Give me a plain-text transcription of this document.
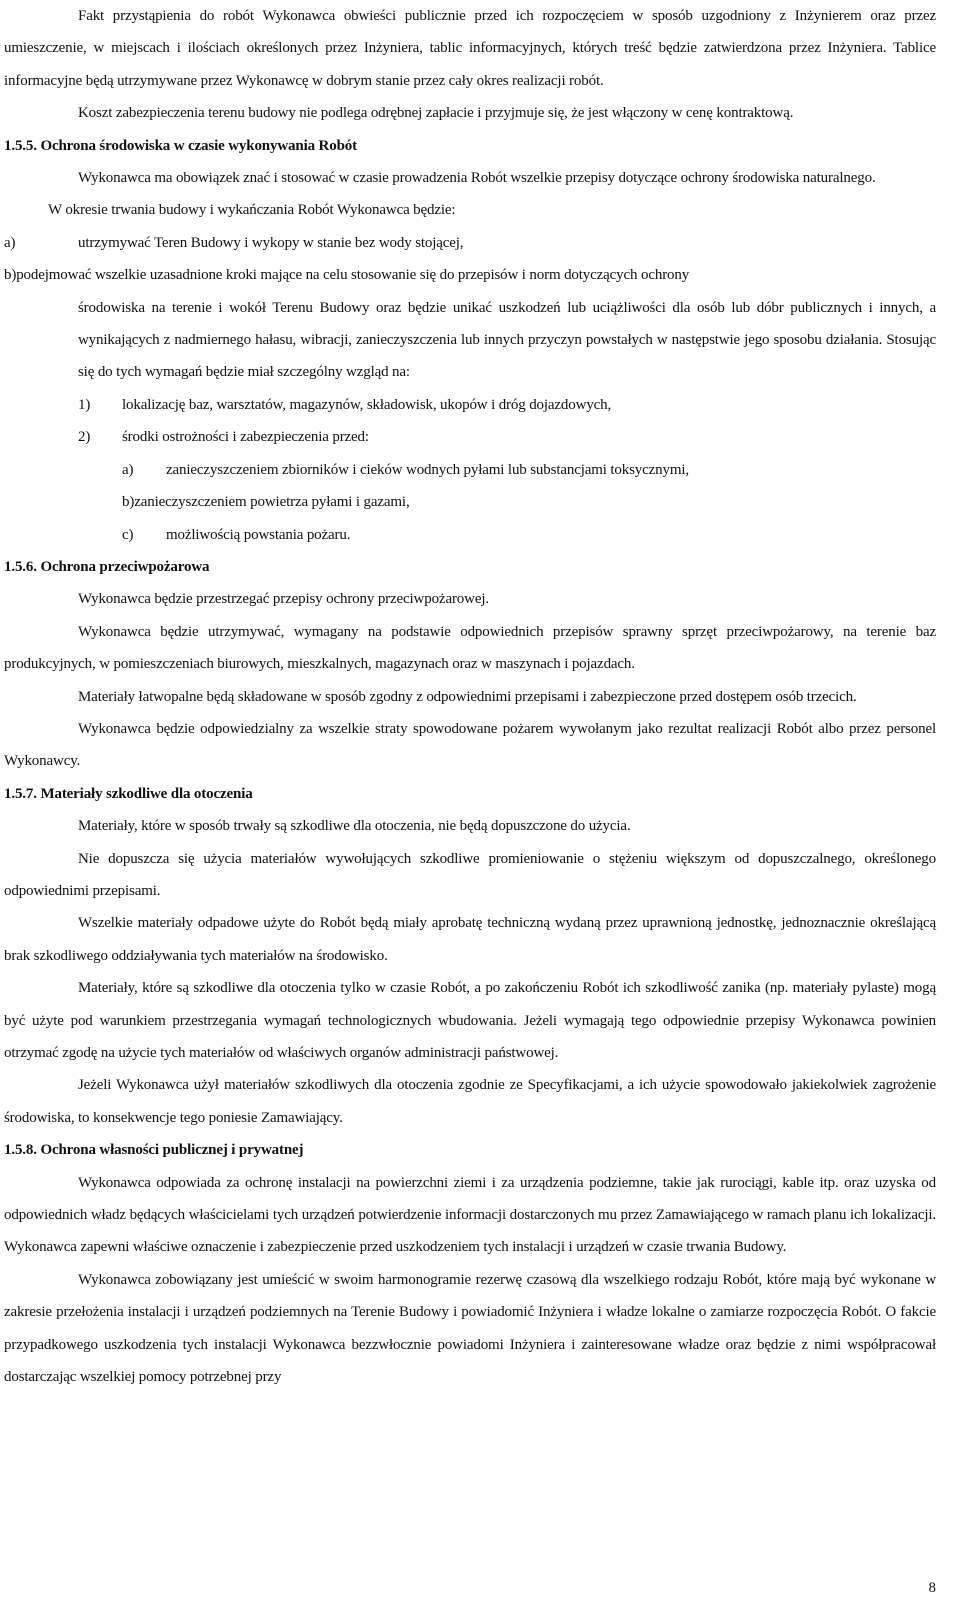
Fakt przystąpienia do robót Wykonawca obwieści publicznie przed ich rozpoczęciem w sposób uzgodniony z Inżynierem oraz przez umieszczenie, w miejscach i ilościach określonych przez Inżyniera, tablic informacyjnych, których treść będzie zatwierdzona przez Inżyniera. Tablice informacyjne będą utrzymywane przez Wykonawcę w dobrym stanie przez cały okres realizacji robót.

Koszt zabezpieczenia terenu budowy nie podlega odrębnej zapłacie i przyjmuje się, że jest włączony w cenę kontraktową.

1.5.5. Ochrona środowiska w czasie wykonywania Robót

Wykonawca ma obowiązek znać i stosować w czasie prowadzenia Robót wszelkie przepisy dotyczące ochrony środowiska naturalnego.

W okresie trwania budowy i wykańczania Robót Wykonawca będzie:

a)	utrzymywać Teren Budowy i wykopy w stanie bez wody stojącej,
b)podejmować wszelkie uzasadnione kroki mające na celu stosowanie się do przepisów i norm dotyczących ochrony
środowiska na terenie i wokół Terenu Budowy oraz będzie unikać uszkodzeń lub uciążliwości dla osób lub dóbr publicznych i innych, a wynikających z nadmiernego hałasu, wibracji, zanieczyszczenia lub innych przyczyn powstałych w następstwie jego sposobu działania. Stosując się do tych wymagań będzie miał szczególny wzgląd na:
1)	lokalizację baz, warsztatów, magazynów, składowisk, ukopów i dróg dojazdowych,
2)	środki ostrożności i zabezpieczenia przed:
a)	zanieczyszczeniem zbiorników i cieków wodnych pyłami lub substancjami toksycznymi,
b)zanieczyszczeniem powietrza pyłami i gazami,
c)	możliwością powstania pożaru.

1.5.6. Ochrona przeciwpożarowa

Wykonawca będzie przestrzegać przepisy ochrony przeciwpożarowej.

Wykonawca będzie utrzymywać, wymagany na podstawie odpowiednich przepisów sprawny sprzęt przeciwpożarowy, na terenie baz produkcyjnych, w pomieszczeniach biurowych, mieszkalnych, magazynach oraz w maszynach i pojazdach.

Materiały łatwopalne będą składowane w sposób zgodny z odpowiednimi przepisami i zabezpieczone przed dostępem osób trzecich.

Wykonawca będzie odpowiedzialny za wszelkie straty spowodowane pożarem wywołanym jako rezultat realizacji Robót albo przez personel Wykonawcy.

1.5.7. Materiały szkodliwe dla otoczenia

Materiały, które w sposób trwały są szkodliwe dla otoczenia, nie będą dopuszczone do użycia.

Nie dopuszcza się użycia materiałów wywołujących szkodliwe promieniowanie o stężeniu większym od dopuszczalnego, określonego odpowiednimi przepisami.

Wszelkie materiały odpadowe użyte do Robót będą miały aprobatę techniczną wydaną przez uprawnioną jednostkę, jednoznacznie określającą brak szkodliwego oddziaływania tych materiałów na środowisko.

Materiały, które są szkodliwe dla otoczenia tylko w czasie Robót, a po zakończeniu Robót ich szkodliwość zanika (np. materiały pylaste) mogą być użyte pod warunkiem przestrzegania wymagań technologicznych wbudowania. Jeżeli wymagają tego odpowiednie przepisy Wykonawca powinien otrzymać zgodę na użycie tych materiałów od właściwych organów administracji państwowej.

Jeżeli Wykonawca użył materiałów szkodliwych dla otoczenia zgodnie ze Specyfikacjami, a ich użycie spowodowało jakiekolwiek zagrożenie środowiska, to konsekwencje tego poniesie Zamawiający.

1.5.8. Ochrona własności publicznej i prywatnej

Wykonawca odpowiada za ochronę instalacji na powierzchni ziemi i za urządzenia podziemne, takie jak rurociągi, kable itp. oraz uzyska od odpowiednich władz będących właścicielami tych urządzeń potwierdzenie informacji dostarczonych mu przez Zamawiającego w ramach planu ich lokalizacji. Wykonawca zapewni właściwe oznaczenie i zabezpieczenie przed uszkodzeniem tych instalacji i urządzeń w czasie trwania Budowy.

Wykonawca zobowiązany jest umieścić w swoim harmonogramie rezerwę czasową dla wszelkiego rodzaju Robót, które mają być wykonane w zakresie przełożenia instalacji i urządzeń podziemnych na Terenie Budowy i powiadomić Inżyniera i władze lokalne o zamiarze rozpoczęcia Robót. O fakcie przypadkowego uszkodzenia tych instalacji Wykonawca bezzwłocznie powiadomi Inżyniera i zainteresowane władze oraz będzie z nimi współpracował dostarczając wszelkiej pomocy potrzebnej przy

8
